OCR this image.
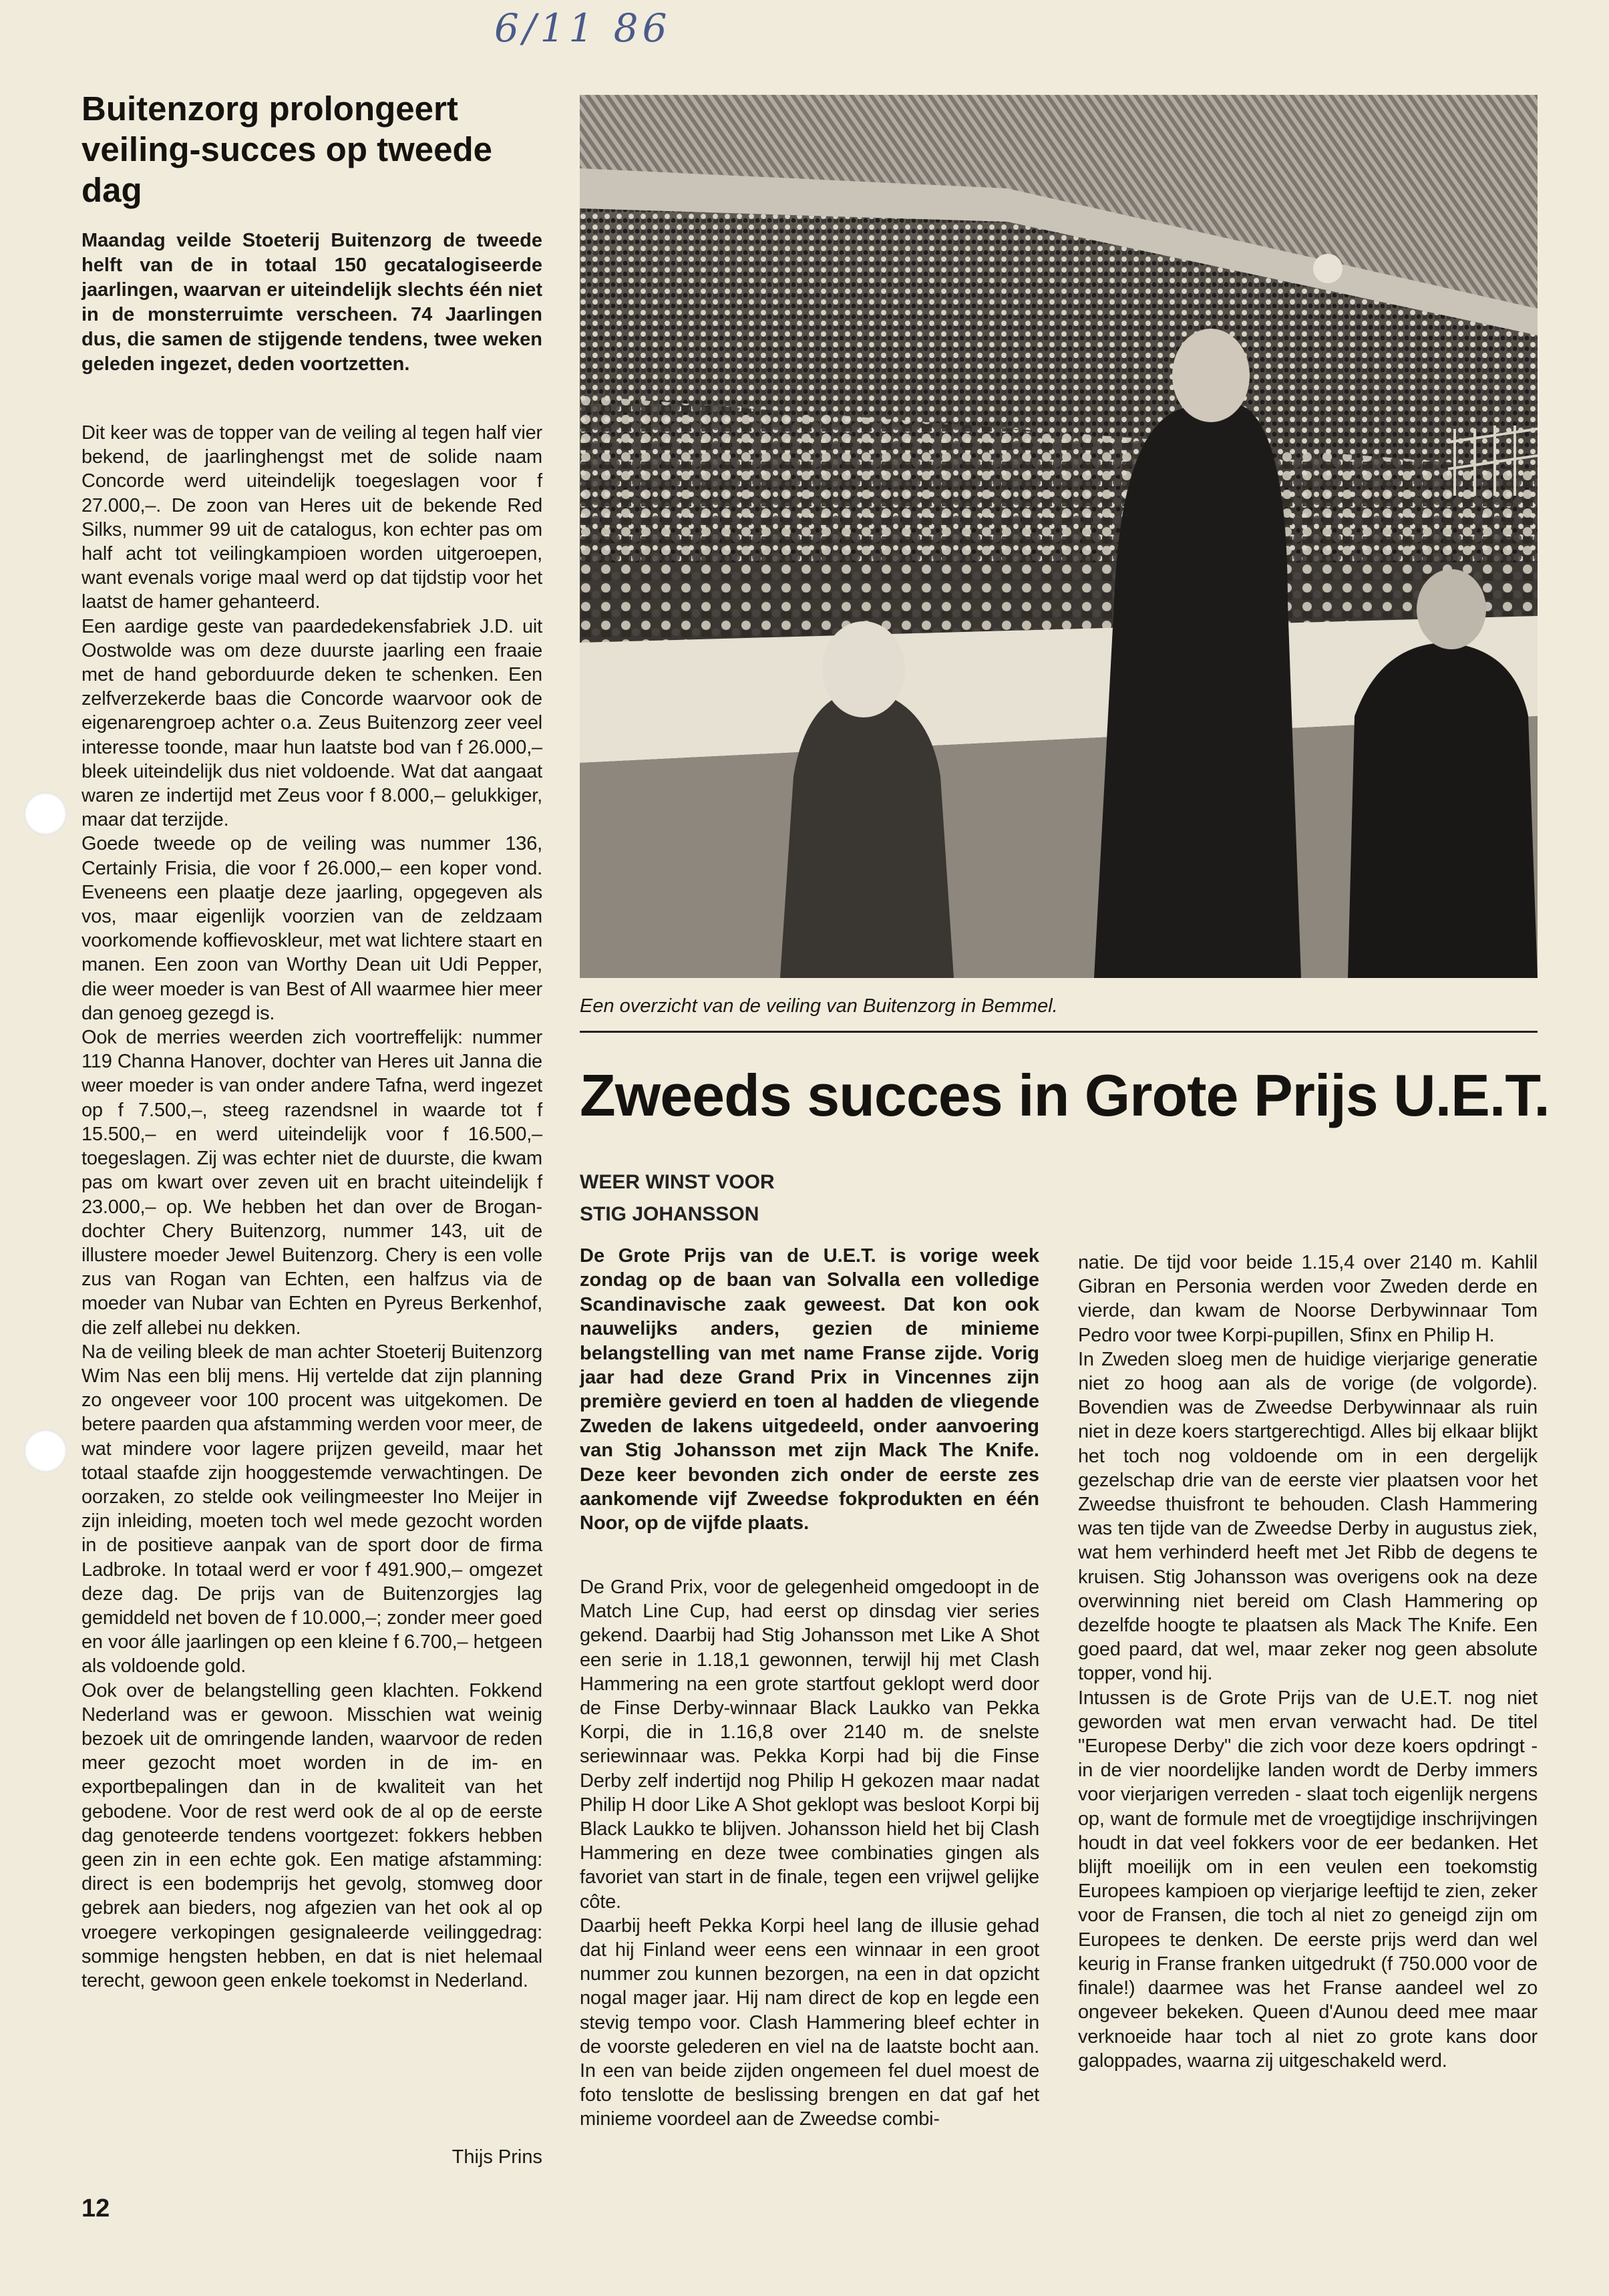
6/11 86
Buitenzorg prolongeert veiling-succes op tweede dag

Maandag veilde Stoeterij Buitenzorg de tweede helft van de in totaal 150 gecatalogiseerde jaarlingen, waarvan er uiteindelijk slechts één niet in de monsterruimte verscheen. 74 Jaarlingen dus, die samen de stijgende tendens, twee weken geleden ingezet, deden voortzetten.

Dit keer was de topper van de veiling al tegen half vier bekend, de jaarlinghengst met de solide naam Concorde werd uiteindelijk toegeslagen voor f 27.000,–. De zoon van Heres uit de bekende Red Silks, nummer 99 uit de catalogus, kon echter pas om half acht tot veilingkampioen worden uitgeroepen, want evenals vorige maal werd op dat tijdstip voor het laatst de hamer gehanteerd.

Een aardige geste van paardedekensfabriek J.D. uit Oostwolde was om deze duurste jaarling een fraaie met de hand geborduurde deken te schenken. Een zelfverzekerde baas die Concorde waarvoor ook de eigenarengroep achter o.a. Zeus Buitenzorg zeer veel interesse toonde, maar hun laatste bod van f 26.000,– bleek uiteindelijk dus niet voldoende. Wat dat aangaat waren ze indertijd met Zeus voor f 8.000,– gelukkiger, maar dat terzijde.

Goede tweede op de veiling was nummer 136, Certainly Frisia, die voor f 26.000,– een koper vond. Eveneens een plaatje deze jaarling, opgegeven als vos, maar eigenlijk voorzien van de zeldzaam voorkomende koffievoskleur, met wat lichtere staart en manen. Een zoon van Worthy Dean uit Udi Pepper, die weer moeder is van Best of All waarmee hier meer dan genoeg gezegd is.

Ook de merries weerden zich voortreffelijk: nummer 119 Channa Hanover, dochter van Heres uit Janna die weer moeder is van onder andere Tafna, werd ingezet op f 7.500,–, steeg razendsnel in waarde tot f 15.500,– en werd uiteindelijk voor f 16.500,– toegeslagen. Zij was echter niet de duurste, die kwam pas om kwart over zeven uit en bracht uiteindelijk f 23.000,– op. We hebben het dan over de Brogan-dochter Chery Buitenzorg, nummer 143, uit de illustere moeder Jewel Buitenzorg. Chery is een volle zus van Rogan van Echten, een halfzus via de moeder van Nubar van Echten en Pyreus Berkenhof, die zelf allebei nu dekken.

Na de veiling bleek de man achter Stoeterij Buitenzorg Wim Nas een blij mens. Hij vertelde dat zijn planning zo ongeveer voor 100 procent was uitgekomen. De betere paarden qua afstamming werden voor meer, de wat mindere voor lagere prijzen geveild, maar het totaal staafde zijn hooggestemde verwachtingen. De oorzaken, zo stelde ook veilingmeester Ino Meijer in zijn inleiding, moeten toch wel mede gezocht worden in de positieve aanpak van de sport door de firma Ladbroke. In totaal werd er voor f 491.900,– omgezet deze dag. De prijs van de Buitenzorgjes lag gemiddeld net boven de f 10.000,–; zonder meer goed en voor álle jaarlingen op een kleine f 6.700,– hetgeen als voldoende gold.

Ook over de belangstelling geen klachten. Fokkend Nederland was er gewoon. Misschien wat weinig bezoek uit de omringende landen, waarvoor de reden meer gezocht moet worden in de im- en exportbepalingen dan in de kwaliteit van het gebodene. Voor de rest werd ook de al op de eerste dag genoteerde tendens voortgezet: fokkers hebben geen zin in een echte gok. Een matige afstamming: direct is een bodemprijs het gevolg, stomweg door gebrek aan bieders, nog afgezien van het ook al op vroegere verkopingen gesignaleerde veilinggedrag: sommige hengsten hebben, en dat is niet helemaal terecht, gewoon geen enkele toekomst in Nederland.

Thijs Prins
12
Een overzicht van de veiling van Buitenzorg in Bemmel.
Zweeds succes in Grote Prijs U.E.T.
WEER WINST VOOR
STIG JOHANSSON

De Grote Prijs van de U.E.T. is vorige week zondag op de baan van Solvalla een volledige Scandinavische zaak geweest. Dat kon ook nauwelijks anders, gezien de minieme belangstelling van met name Franse zijde. Vorig jaar had deze Grand Prix in Vincennes zijn première gevierd en toen al hadden de vliegende Zweden de lakens uitgedeeld, onder aanvoering van Stig Johansson met zijn Mack The Knife. Deze keer bevonden zich onder de eerste zes aankomende vijf Zweedse fokprodukten en één Noor, op de vijfde plaats.

De Grand Prix, voor de gelegenheid omgedoopt in de Match Line Cup, had eerst op dinsdag vier series gekend. Daarbij had Stig Johansson met Like A Shot een serie in 1.18,1 gewonnen, terwijl hij met Clash Hammering na een grote startfout geklopt werd door de Finse Derby-winnaar Black Laukko van Pekka Korpi, die in 1.16,8 over 2140 m. de snelste seriewinnaar was. Pekka Korpi had bij die Finse Derby zelf indertijd nog Philip H gekozen maar nadat Philip H door Like A Shot geklopt was besloot Korpi bij Black Laukko te blijven. Johansson hield het bij Clash Hammering en deze twee combinaties gingen als favoriet van start in de finale, tegen een vrijwel gelijke côte.

Daarbij heeft Pekka Korpi heel lang de illusie gehad dat hij Finland weer eens een winnaar in een groot nummer zou kunnen bezorgen, na een in dat opzicht nogal mager jaar. Hij nam direct de kop en legde een stevig tempo voor. Clash Hammering bleef echter in de voorste gelederen en viel na de laatste bocht aan. In een van beide zijden ongemeen fel duel moest de foto tenslotte de beslissing brengen en dat gaf het minieme voordeel aan de Zweedse combi-

natie. De tijd voor beide 1.15,4 over 2140 m. Kahlil Gibran en Personia werden voor Zweden derde en vierde, dan kwam de Noorse Derbywinnaar Tom Pedro voor twee Korpi-pupillen, Sfinx en Philip H.

In Zweden sloeg men de huidige vierjarige generatie niet zo hoog aan als de vorige (de volgorde). Bovendien was de Zweedse Derbywinnaar als ruin niet in deze koers startgerechtigd. Alles bij elkaar blijkt het toch nog voldoende om in een dergelijk gezelschap drie van de eerste vier plaatsen voor het Zweedse thuisfront te behouden. Clash Hammering was ten tijde van de Zweedse Derby in augustus ziek, wat hem verhinderd heeft met Jet Ribb de degens te kruisen. Stig Johansson was overigens ook na deze overwinning niet bereid om Clash Hammering op dezelfde hoogte te plaatsen als Mack The Knife. Een goed paard, dat wel, maar zeker nog geen absolute topper, vond hij.

Intussen is de Grote Prijs van de U.E.T. nog niet geworden wat men ervan verwacht had. De titel "Europese Derby" die zich voor deze koers opdringt - in de vier noordelijke landen wordt de Derby immers voor vierjarigen verreden - slaat toch eigenlijk nergens op, want de formule met de vroegtijdige inschrijvingen houdt in dat veel fokkers voor de eer bedanken. Het blijft moeilijk om in een veulen een toekomstig Europees kampioen op vierjarige leeftijd te zien, zeker voor de Fransen, die toch al niet zo geneigd zijn om Europees te denken. De eerste prijs werd dan wel keurig in Franse franken uitgedrukt (f 750.000 voor de finale!) daarmee was het Franse aandeel wel zo ongeveer bekeken. Queen d'Aunou deed mee maar verknoeide haar toch al niet zo grote kans door galoppades, waarna zij uitgeschakeld werd.
